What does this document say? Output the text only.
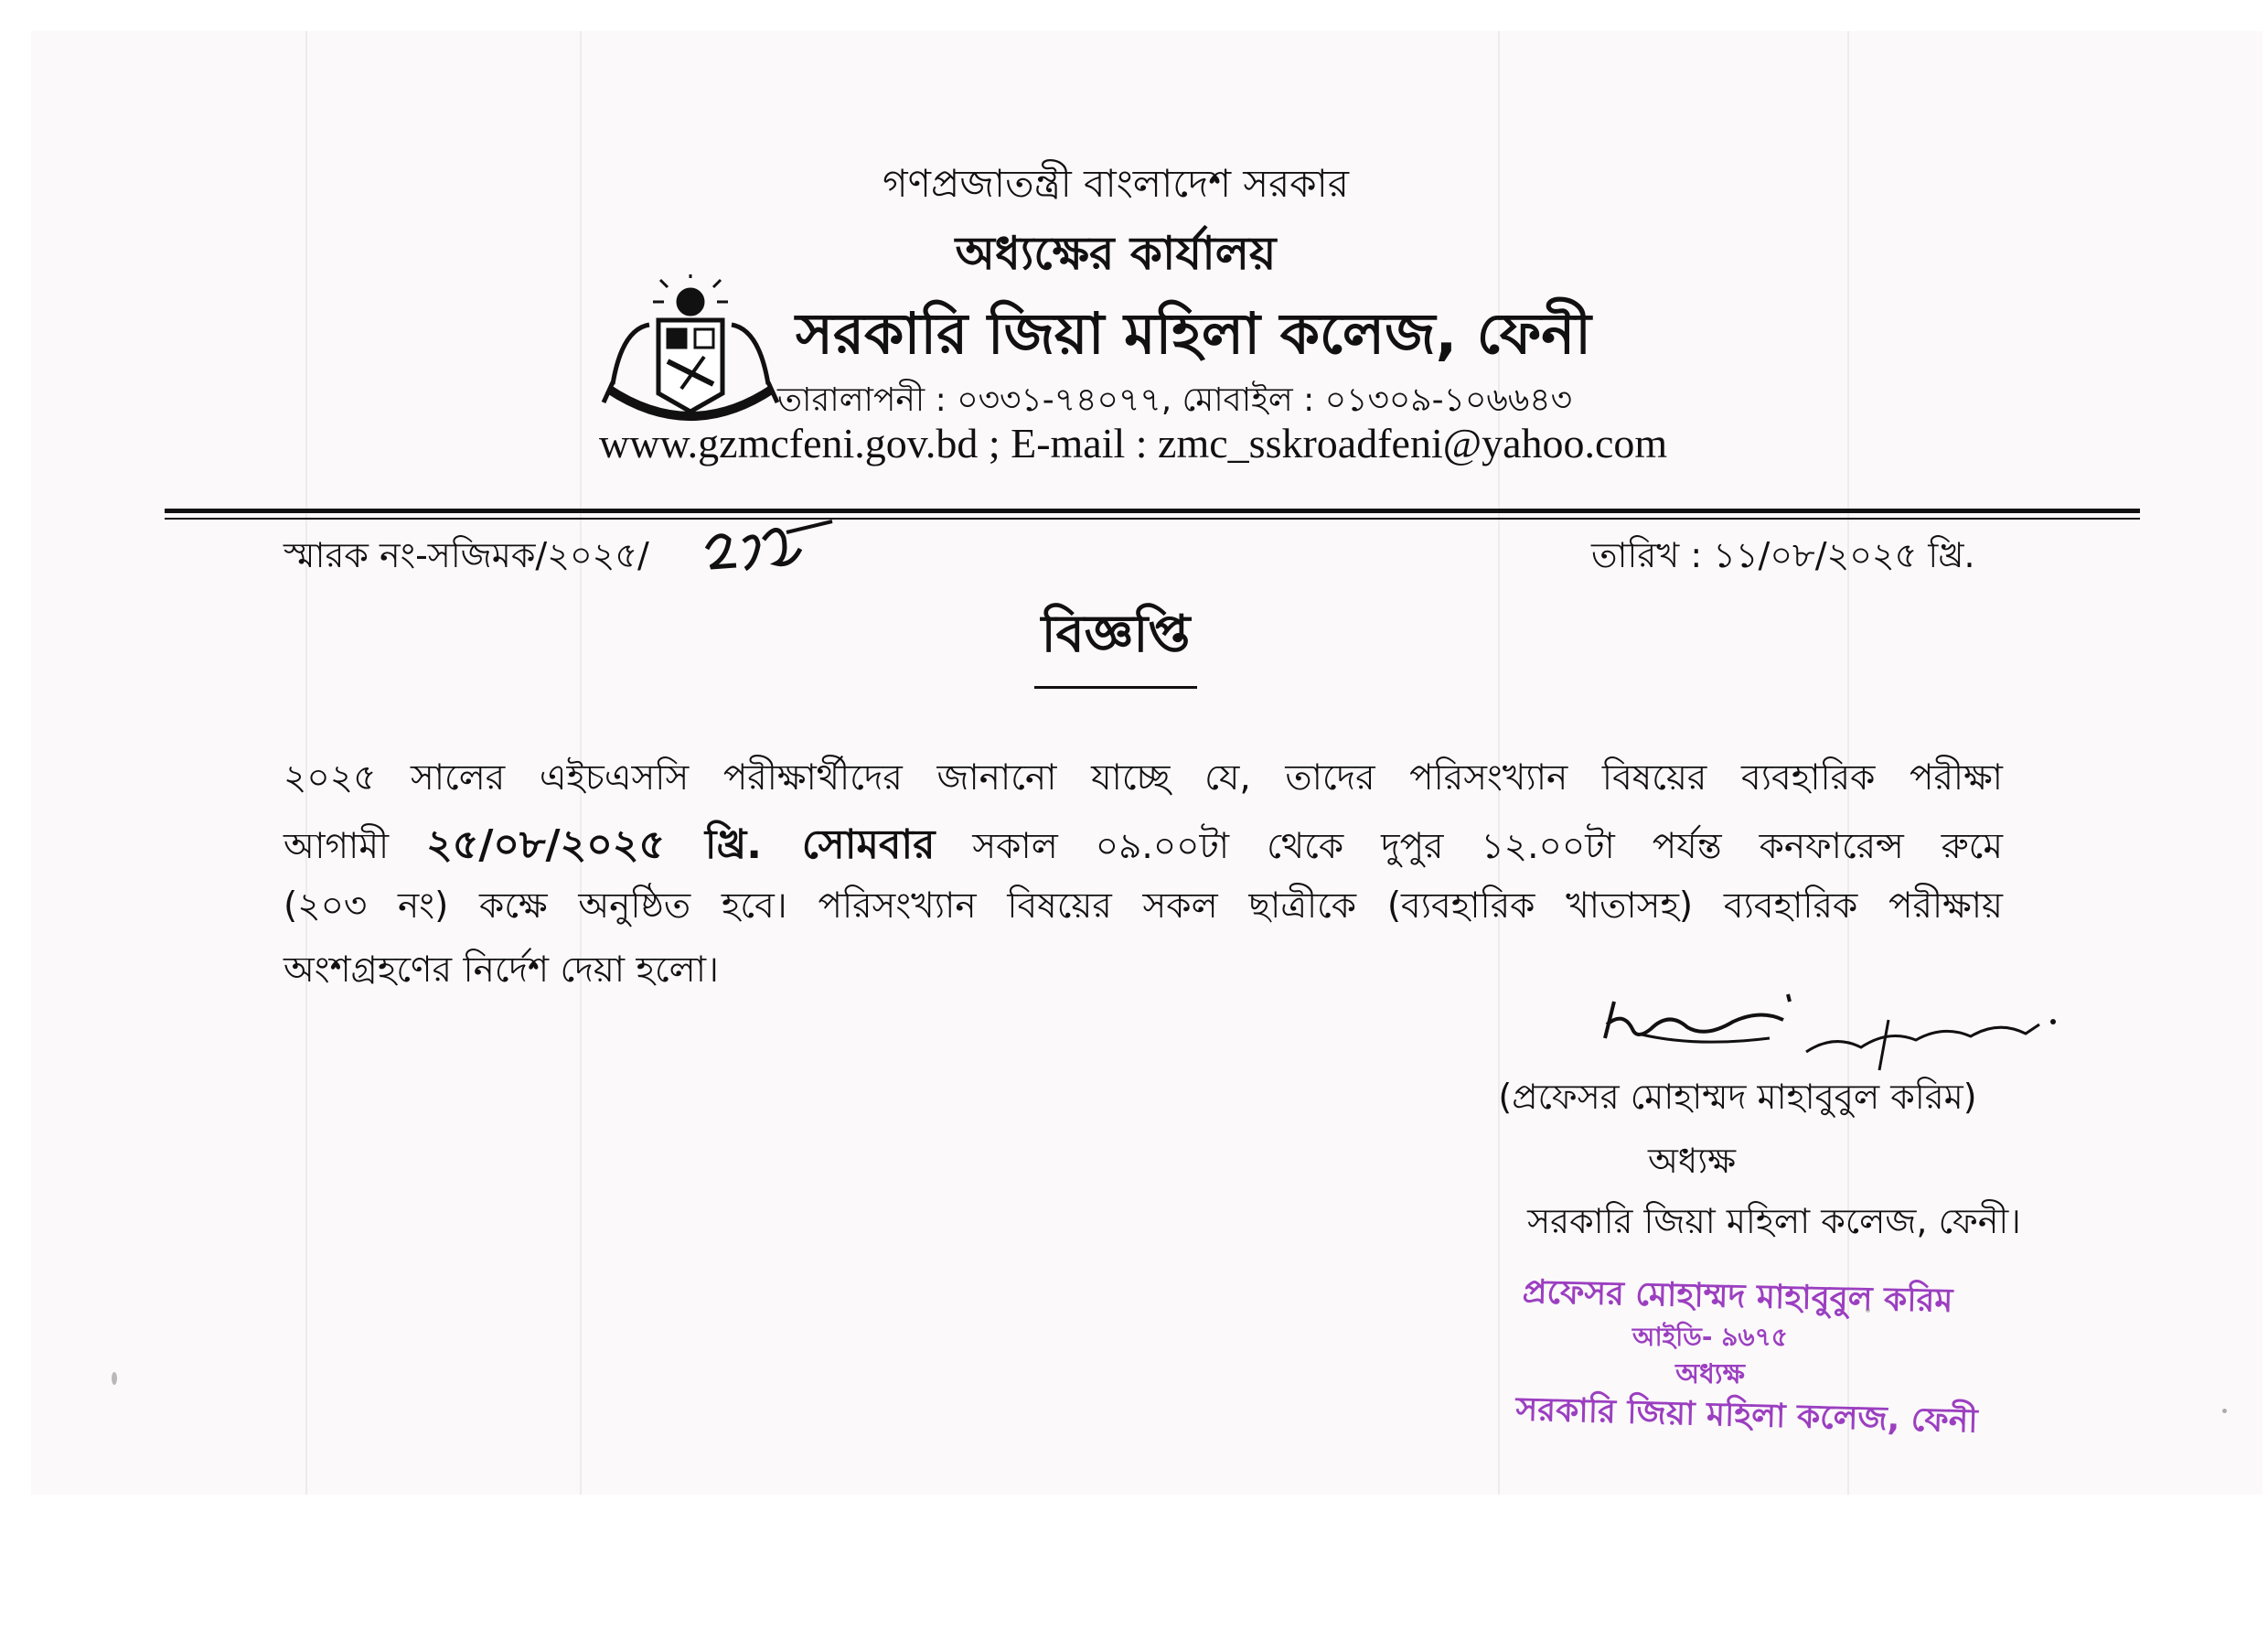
গণপ্রজাতন্ত্রী বাংলাদেশ সরকার
অধ্যক্ষের কার্যালয়
সরকারি জিয়া মহিলা কলেজ, ফেনী
তারালাপনী : ০৩৩১-৭৪০৭৭, মোবাইল : ০১৩০৯-১০৬৬৪৩
www.gzmcfeni.gov.bd ; E-mail : zmc_sskroadfeni@yahoo.com
স্মারক নং-সজিমক/২০২৫/	তারিখ : ১১/০৮/২০২৫ খ্রি.
বিজ্ঞপ্তি
২০২৫ সালের এইচএসসি পরীক্ষার্থীদের জানানো যাচ্ছে যে, তাদের পরিসংখ্যান বিষয়ের ব্যবহারিক পরীক্ষা
আগামী ২৫/০৮/২০২৫ খ্রি. সোমবার সকাল ০৯.০০টা থেকে দুপুর ১২.০০টা পর্যন্ত কনফারেন্স রুমে
(২০৩ নং) কক্ষে অনুষ্ঠিত হবে। পরিসংখ্যান বিষয়ের সকল ছাত্রীকে (ব্যবহারিক খাতাসহ) ব্যবহারিক পরীক্ষায়
অংশগ্রহণের নির্দেশ দেয়া হলো।
(প্রফেসর মোহাম্মদ মাহাবুবুল করিম)
অধ্যক্ষ
সরকারি জিয়া মহিলা কলেজ, ফেনী।
প্রফেসর মোহাম্মদ মাহাবুবুল করিম
আইডি- ৯৬৭৫
অধ্যক্ষ
সরকারি জিয়া মহিলা কলেজ, ফেনী
